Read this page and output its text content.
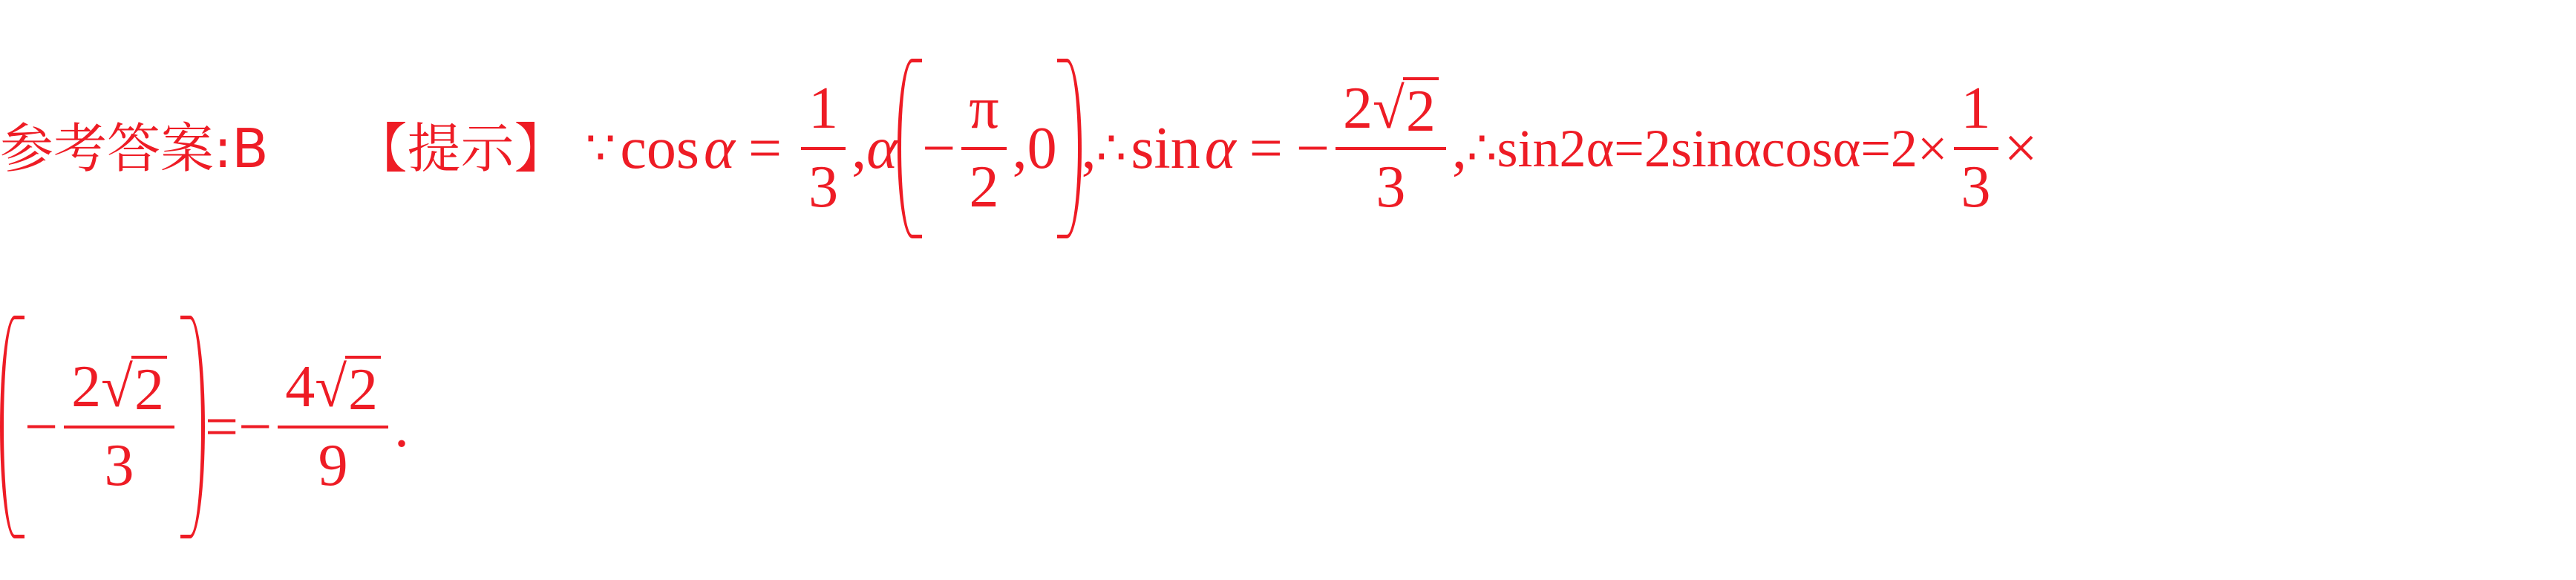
参考答案:B 【提示】 ∵ $\cos \alpha = \frac{1}{3}$ , $\alpha - \frac{\pi}{2}$ , 0 , ∴ sin α = − $\frac{2 √ 2}{3}$ , ∴ $\sin 2\alpha=2\sin\alpha\cos\alpha=2\times \frac{1}{3}$ ×
− $\frac{2 √ 2}{3}$ = − $\frac{4 √ 2}{9}$ .
